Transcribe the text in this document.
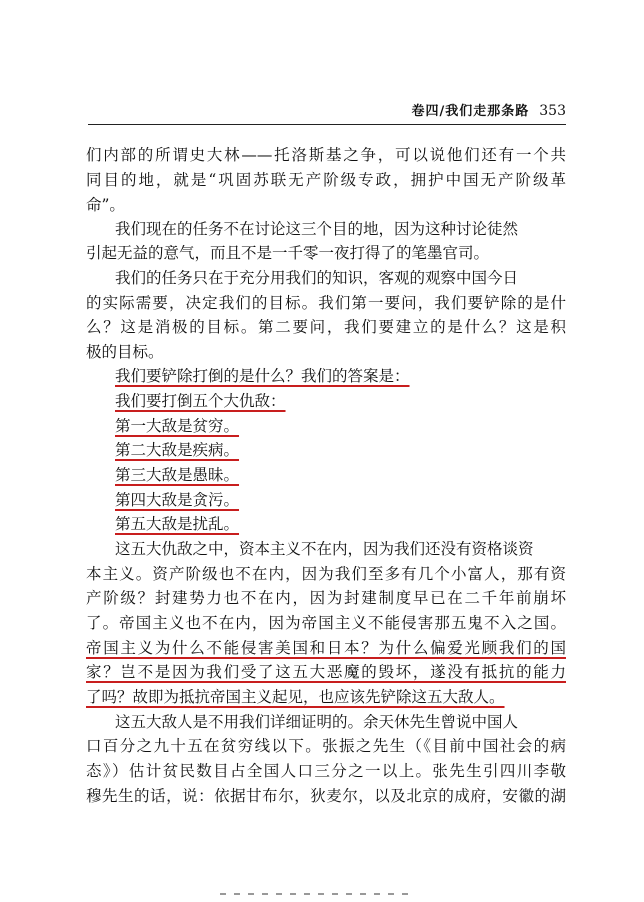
卷四/我们走那条路 353
们内部的所谓史大林——托洛斯基之争，可以说他们还有一个共
同目的地，就是“巩固苏联无产阶级专政，拥护中国无产阶级革
命”。
我们现在的任务不在讨论这三个目的地，因为这种讨论徒然
引起无益的意气，而且不是一千零一夜打得了的笔墨官司。
我们的任务只在于充分用我们的知识，客观的观察中国今日
的实际需要，决定我们的目标。我们第一要问，我们要铲除的是什
么？这是消极的目标。第二要问，我们要建立的是什么？这是积
极的目标。
我们要铲除打倒的是什么？我们的答案是：
我们要打倒五个大仇敌：
第一大敌是贫穷。
第二大敌是疾病。
第三大敌是愚昧。
第四大敌是贪污。
第五大敌是扰乱。
这五大仇敌之中，资本主义不在内，因为我们还没有资格谈资
本主义。资产阶级也不在内，因为我们至多有几个小富人，那有资
产阶级？封建势力也不在内，因为封建制度早已在二千年前崩坏
了。帝国主义也不在内，因为帝国主义不能侵害那五鬼不入之国。
帝国主义为什么不能侵害美国和日本？为什么偏爱光顾我们的国
家？岂不是因为我们受了这五大恶魔的毁坏，遂没有抵抗的能力
了吗？故即为抵抗帝国主义起见，也应该先铲除这五大敌人。
这五大敌人是不用我们详细证明的。余天休先生曾说中国人
口百分之九十五在贫穷线以下。张振之先生（《目前中国社会的病
态》）估计贫民数目占全国人口三分之一以上。张先生引四川李敬
穆先生的话，说：依据甘布尔，狄麦尔，以及北京的成府，安徽的湖
